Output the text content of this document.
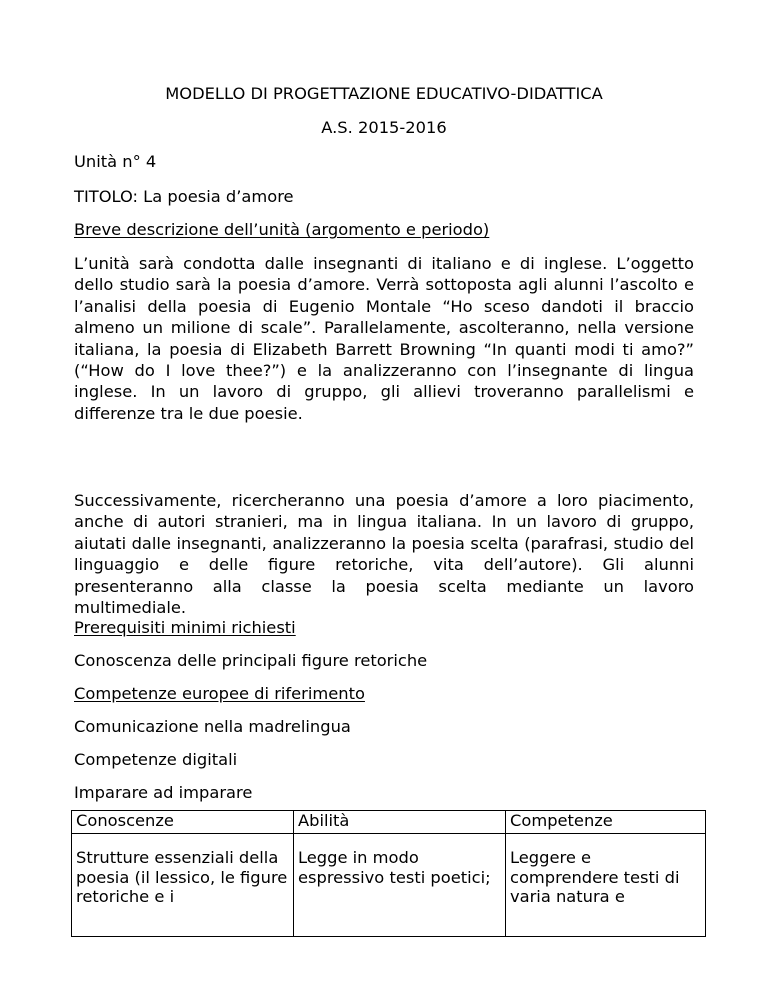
MODELLO DI PROGETTAZIONE EDUCATIVO-DIDATTICA
A.S. 2015-2016
Unità n° 4
TITOLO: La poesia d’amore
Breve descrizione dell’unità (argomento e periodo)
L’unità sarà condotta dalle insegnanti di italiano e di inglese. L’oggetto dello studio sarà la poesia d’amore. Verrà sottoposta agli alunni l’ascolto e l’analisi della poesia di Eugenio Montale “Ho sceso dandoti il braccio almeno un milione di scale”. Parallelamente, ascolteranno, nella versione italiana, la poesia di Elizabeth Barrett Browning “In quanti modi ti amo?” (“How do I love thee?”) e la analizzeranno con l’insegnante di lingua inglese. In un lavoro di gruppo, gli allievi troveranno parallelismi e differenze tra le due poesie.
Successivamente, ricercheranno una poesia d’amore a loro piacimento, anche di autori stranieri, ma in lingua italiana. In un lavoro di gruppo, aiutati dalle insegnanti, analizzeranno la poesia scelta (parafrasi, studio del linguaggio e delle figure retoriche, vita dell’autore). Gli alunni presenteranno alla classe la poesia scelta mediante un lavoro multimediale.
Prerequisiti minimi richiesti
Conoscenza delle principali figure retoriche
Competenze europee di riferimento
Comunicazione nella madrelingua
Competenze digitali
Imparare ad imparare
Conoscenze	Abilità	Competenze
Strutture essenziali della poesia (il lessico, le figure retoriche e i	Legge in modo espressivo testi poetici;	Leggere e comprendere testi di varia natura e
